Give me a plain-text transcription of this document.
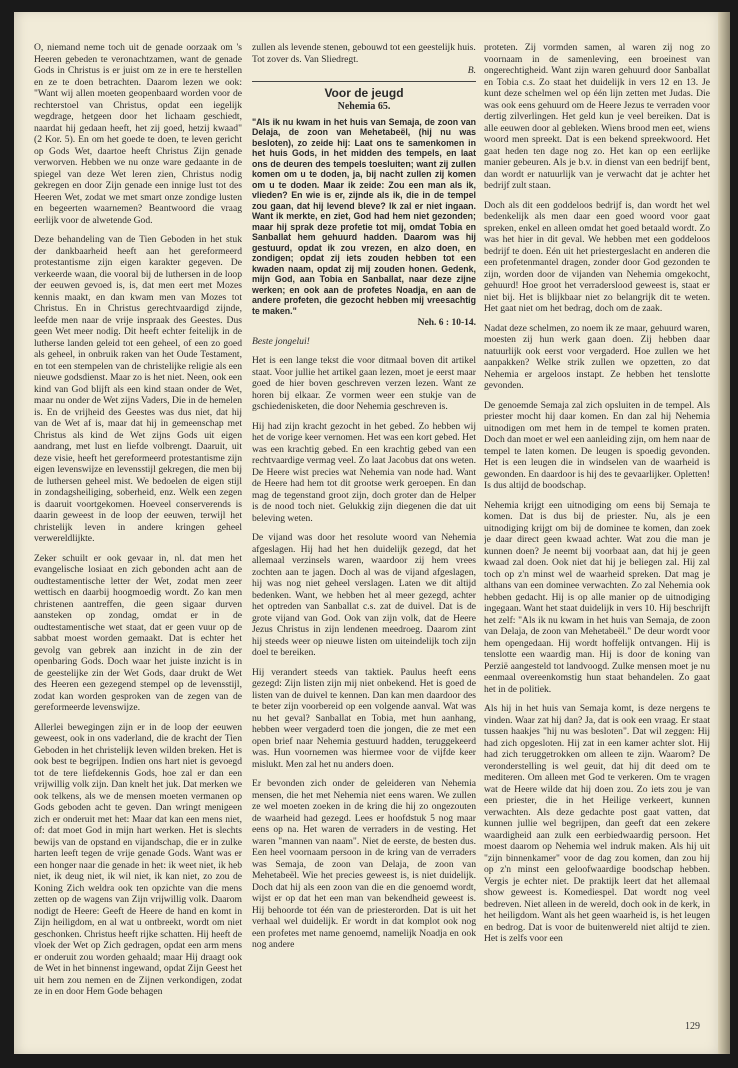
O, niemand neme toch uit de genade oorzaak om 's Heeren gebeden te veronachtzamen, want de genade Gods in Christus is er juist om ze in ere te herstellen en ze te doen betrachten. Daarom lezen we ook: "Want wij allen moeten geopenbaard worden voor de rechterstoel van Christus, opdat een iegelijk wegdrage, hetgeen door het lichaam geschiedt, naardat hij gedaan heeft, het zij goed, hetzij kwaad" (2 Kor. 5). En om het goede te doen, te leven gericht op Gods Wet, daartoe heeft Christus Zijn genade verworven. Hebben we nu onze ware gedaante in de spiegel van deze Wet leren zien, Christus nodig gekregen en door Zijn genade een innige lust tot des Heeren Wet, zodat we met smart onze zondige lusten en begeerten waarnemen? Beantwoord die vraag eerlijk voor de alwetende God.

Deze behandeling van de Tien Geboden in het stuk der dankbaarheid heeft aan het gereformeerd protestantisme zijn eigen karakter gegeven. De verkeerde waan, die vooral bij de luthersen in de loop der eeuwen gevoed is, is, dat men eert met Mozes kennis maakt, en dan kwam men van Mozes tot Christus. En in Christus gerechtvaardigd zijnde, leefde men naar de vrije inspraak des Geestes. Dus geen Wet meer nodig. Dit heeft echter feitelijk in de lutherse landen geleid tot een geheel, of een zo goed als geheel, in onbruik raken van het Oude Testament, en tot een stempelen van de christelijke religie als een nieuwe godsdienst. Maar zo is het niet. Neen, ook een kind van God blijft als een kind staan onder de Wet, maar nu onder de Wet zijns Vaders, Die in de hemelen is. En de vrijheid des Geestes was dus niet, dat hij van de Wet af is, maar dat hij in gemeenschap met Christus als kind de Wet zijns Gods uit eigen aandrang, met lust en liefde volbrengt. Daaruit, uit deze visie, heeft het gereformeerd protestantisme zijn eigen levenswijze en levensstijl gekregen, die men bij de luthersen geheel mist. We bedoelen de eigen stijl in zondagsheiliging, soberheid, enz. Welk een zegen is daaruit voortgekomen. Hoeveel conserverends is daarin geweest in de loop der eeuwen, terwijl het christelijk leven in andere kringen geheel verwereldlijkte.

Zeker schuilt er ook gevaar in, nl. dat men het evangelische losiaat en zich gebonden acht aan de oudtestamentische letter der Wet, zodat men zeer wettisch en daarbij hoogmoedig wordt. Zo kan men christenen aantreffen, die geen sigaar durven aansteken op zondag, omdat er in de oudtestamentische wet staat, dat er geen vuur op de sabbat moest worden gemaakt. Dat is echter het gevolg van gebrek aan inzicht in de zin der openbaring Gods. Doch waar het juiste inzicht is in de geestelijke zin der Wet Gods, daar drukt de Wet des Heeren een gezegend stempel op de levensstijl, zodat kan worden gesproken van de zegen van de gereformeerde levenswijze.

Allerlei bewegingen zijn er in de loop der eeuwen geweest, ook in ons vaderland, die de kracht der Tien Geboden in het christelijk leven wilden breken. Het is ook best te begrijpen. Indien ons hart niet is gevoegd tot de tere liefdekennis Gods, hoe zal er dan een vrijwillig volk zijn. Dan knelt het juk. Dat merken we ook telkens, als we de mensen moeten vermanen op Gods geboden acht te geven. Dan wringt menigeen zich er onderuit met het: Maar dat kan een mens niet, of: dat moet God in mijn hart werken. Het is slechts bewijs van de opstand en vijandschap, die er in zulke harten leeft tegen de vrije genade Gods. Want was er een honger naar die genade in het: ik weet niet, ik heb niet, ik deug niet, ik wil niet, ik kan niet, zo zou de Koning Zich weldra ook ten opzichte van die mens zetten op de wagens van Zijn vrijwillig volk. Daarom nodigt de Heere: Geeft de Heere de hand en komt in Zijn heiligdom, en al wat u ontbreekt, wordt om niet geschonken. Christus heeft rijke schatten. Hij heeft de vloek der Wet op Zich gedragen, opdat een arm mens er onderuit zou worden gehaald; maar Hij draagt ook de Wet in het binnenst ingewand, opdat Zijn Geest het uit hem zou nemen en de Zijnen verkondigen, zodat ze in en door Hem Gode behagen

zullen als levende stenen, gebouwd tot een geestelijk huis.

Tot zover ds. Van Sliedregt.

B.
Voor de jeugd
Nehemia 65.

"Als ik nu kwam in het huis van Semaja, de zoon van Delaja, de zoon van Mehetabeël, (hij nu was besloten), zo zeide hij: Laat ons te samenkomen in het huis Gods, in het midden des tempels, en laat ons de deuren des tempels toesluiten; want zij zullen komen om u te doden, ja, bij nacht zullen zij komen om u te doden. Maar ik zeide: Zou een man als ik, vlieden? En wie is er, zijnde als ik, die in de tempel zou gaan, dat hij levend bleve? Ik zal er niet ingaan. Want ik merkte, en ziet, God had hem niet gezonden; maar hij sprak deze profetie tot mij, omdat Tobia en Sanballat hem gehuurd hadden. Daarom was hij gestuurd, opdat ik zou vrezen, en alzo doen, en zondigen; opdat zij iets zouden hebben tot een kwaden naam, opdat zij mij zouden honen. Gedenk, mijn God, aan Tobia en Sanballat, naar deze zijne werken; en ook aan de profetes Noadja, en aan de andere profeten, die gezocht hebben mij vreesachtig te maken."

Neh. 6 : 10-14.

Beste jongelui!

Het is een lange tekst die voor ditmaal boven dit artikel staat. Voor jullie het artikel gaan lezen, moet je eerst maar goed de hier boven geschreven verzen lezen. Want ze horen bij elkaar. Ze vormen weer een stukje van de gschiedenisketen, die door Nehemia geschreven is.

Hij had zijn kracht gezocht in het gebed. Zo hebben wij het de vorige keer vernomen. Het was een kort gebed. Het was een krachtig gebed. En een krachtig gebed van een rechtvaardige vermag veel. Zo laat Jacobus dat ons weten. De Heere wist precies wat Nehemia van node had. Want de Heere had hem tot dit grootse werk geroepen. En dan mag de tegenstand groot zijn, doch groter dan de Helper is de nood toch niet. Gelukkig zijn diegenen die dat uit beleving weten.

De vijand was door het resolute woord van Nehemia afgeslagen. Hij had het hen duidelijk gezegd, dat het allemaal verzinsels waren, waardoor zij hem vrees zochten aan te jagen. Doch al was de vijand afgeslagen, hij was nog niet geheel verslagen. Laten we dit altijd bedenken. Want, we hebben het al meer gezegd, achter het optreden van Sanballat c.s. zat de duivel. Dat is de grote vijand van God. Ook van zijn volk, dat de Heere Jezus Christus in zijn lendenen meedroeg. Daarom zint hij steeds weer op nieuwe listen om uiteindelijk toch zijn doel te bereiken.

Hij verandert steeds van taktiek. Paulus heeft eens gezegd: Zijn listen zijn mij niet onbekend. Het is goed de listen van de duivel te kennen. Dan kan men daardoor des te beter zijn voorbereid op een volgende aanval. Wat was nu het geval? Sanballat en Tobia, met hun aanhang, hebben weer vergaderd toen die jongen, die ze met een open brief naar Nehemia gestuurd hadden, teruggekeerd was. Hun voornemen was hiermee voor de vijfde keer mislukt. Men zal het nu anders doen.

Er bevonden zich onder de geleideren van Nehemia mensen, die het met Nehemia niet eens waren. We zullen ze wel moeten zoeken in de kring die hij zo ongezouten de waarheid had gezegd. Lees er hoofdstuk 5 nog maar eens op na. Het waren de verraders in de vesting. Het waren "mannen van naam". Niet de eerste, de besten dus. Een heel voornaam persoon in de kring van de verraders was Semaja, de zoon van Delaja, de zoon van Mehetabeël. Wie het precies geweest is, is niet duidelijk. Doch dat hij als een zoon van die en die genoemd wordt, wijst er op dat het een man van bekendheid geweest is. Hij behoorde tot één van de priesterorden. Dat is uit het verhaal wel duidelijk. Er wordt in dat komplot ook nog een profetes met name genoemd, namelijk Noadja en ook nog andere

proteten. Zij vormden samen, al waren zij nog zo voornaam in de samenleving, een broeinest van ongerechtigheid. Want zijn waren gehuurd door Sanballat en Tobia c.s. Zo staat het duidelijk in vers 12 en 13. Je kunt deze schelmen wel op één lijn zetten met Judas. Die was ook eens gehuurd om de Heere Jezus te verraden voor dertig zilverlingen. Het geld kun je veel bereiken. Dat is alle eeuwen door al gebleken. Wiens brood men eet, wiens woord men spreekt. Dat is een bekend spreekwoord. Het gaat heden ten dage nog zo. Het kan op een eerlijke manier gebeuren. Als je b.v. in dienst van een bedrijf bent, dan wordt er natuurlijk van je verwacht dat je achter het bedrijf zult staan.

Doch als dit een goddeloos bedrijf is, dan wordt het wel bedenkelijk als men daar een goed woord voor gaat spreken, enkel en alleen omdat het goed betaald wordt. Zo was het hier in dit geval. We hebben met een goddeloos bedrijf te doen. Eén uit het priestergeslacht en anderen die een profetenmantel dragen, zonder door God gezonden te zijn, worden door de vijanden van Nehemia omgekocht, gehuurd! Hoe groot het verraderslood geweest is, staat er niet bij. Het is blijkbaar niet zo belangrijk dit te weten. Het gaat niet om het bedrag, doch om de zaak.

Nadat deze schelmen, zo noem ik ze maar, gehuurd waren, moesten zij hun werk gaan doen. Zij hebben daar natuurlijk ook eerst voor vergaderd. Hoe zullen we het aanpakken? Welke strik zullen we opzetten, zo dat Nehemia er argeloos instapt. Ze hebben het tenslotte gevonden.

De genoemde Semaja zal zich opsluiten in de tempel. Als priester mocht hij daar komen. En dan zal hij Nehemia uitnodigen om met hem in de tempel te komen praten. Doch dan moet er wel een aanleiding zijn, om hem naar de tempel te laten komen. De leugen is spoedig gevonden. Het is een leugen die in windselen van de waarheid is gewonden. En daardoor is hij des te gevaarlijker. Opletten! Is dus altijd de boodschap.

Nehemia krijgt een uitnodiging om eens bij Semaja te komen. Dat is dus bij de priester. Nu, als je een uitnodiging krijgt om bij de dominee te komen, dan zoek je daar direct geen kwaad achter. Wat zou die man je kunnen doen? Je neemt bij voorbaat aan, dat hij je geen kwaad zal doen. Ook niet dat hij je beliegen zal. Hij zal toch op z'n minst wel de waarheid spreken. Dat mag je althans van een dominee verwachten. Zo zal Nehemia ook hebben gedacht. Hij is op alle manier op de uitnodiging ingegaan. Want het staat duidelijk in vers 10. Hij beschrijft het zelf: "Als ik nu kwam in het huis van Semaja, de zoon van Delaja, de zoon van Mehetabeël." De deur wordt voor hem opengedaan. Hij wordt hoffelijk ontvangen. Hij is tenslotte een waardig man. Hij is door de koning van Perzië aangesteld tot landvoogd. Zulke mensen moet je nu eenmaal overeenkomstig hun staat behandelen. Zo gaat het in de politiek.

Als hij in het huis van Semaja komt, is deze nergens te vinden. Waar zat hij dan? Ja, dat is ook een vraag. Er staat tussen haakjes "hij nu was besloten". Dat wil zeggen: Hij had zich opgesloten. Hij zat in een kamer achter slot. Hij had zich teruggetrokken om alleen te zijn. Waarom? De veronderstelling is wel geuit, dat hij dit deed om te mediteren. Om alleen met God te verkeren. Om te vragen wat de Heere wilde dat hij doen zou. Zo iets zou je van een priester, die in het Heilige verkeert, kunnen verwachten. Als deze gedachte post gaat vatten, dat kunnen jullie wel begrijpen, dan geeft dat een zekere waardigheid aan zulk een eerbiedwaardig persoon. Het moest daarom op Nehemia wel indruk maken. Als hij uit "zijn binnenkamer" voor de dag zou komen, dan zou hij op z'n minst een geloofwaardige boodschap hebben. Vergis je echter niet. De praktijk leert dat het allemaal show geweest is. Komediespel. Dat wordt nog veel bedreven. Niet alleen in de wereld, doch ook in de kerk, in het heiligdom. Want als het geen waarheid is, is het leugen en bedrog. Dat is voor de buitenwereld niet altijd te zien. Het is zelfs voor een

129
